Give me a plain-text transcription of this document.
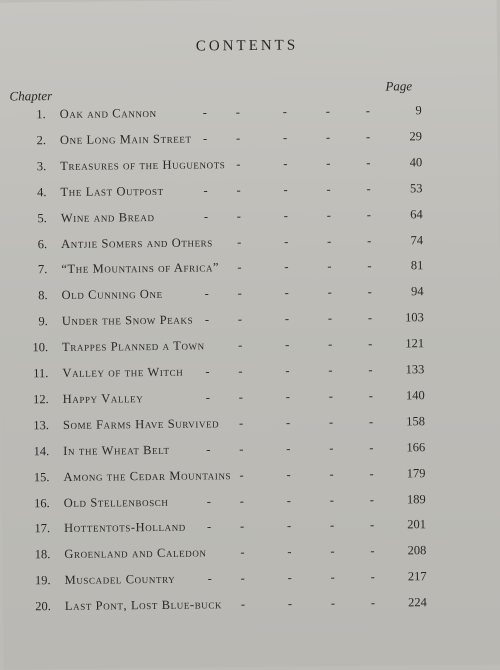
CONTENTS
Chapter
Page
1. Oak and Cannon	- -	-	-	-	9
2. One Long Main Street - -	-	-	-	29
3. Treasures of the Huguenots -	-	-	-	40
4. The Last Outpost	- -	-	-	-	53
5. Wine and Bread	- -	-	-	-	64
6. Antjie Somers and Others -	-	-	-	74
7. “The Mountains of Africa” -	-	-	-	81
8. Old Cunning One	- -	-	-	-	94
9. Under the Snow Peaks - -	-	-	-	103
10. Trappes Planned a Town	-	-	-	-	121
11. Valley of the Witch - -	-	-	-	133
12. Happy Valley	- -	-	-	-	140
13. Some Farms Have Survived -	-	-	-	158
14. In the Wheat Belt	- -	-	-	-	166
15. Among the Cedar Mountains -	-	-	-	179
16. Old Stellenbosch	- -	-	-	-	189
17. Hottentots-Holland - -	-	-	-	201
18. Groenland and Caledon	-	-	-	-	208
19. Muscadel Country	- -	-	-	-	217
20. Last Pont, Lost Blue-buck -	-	-	-	224
